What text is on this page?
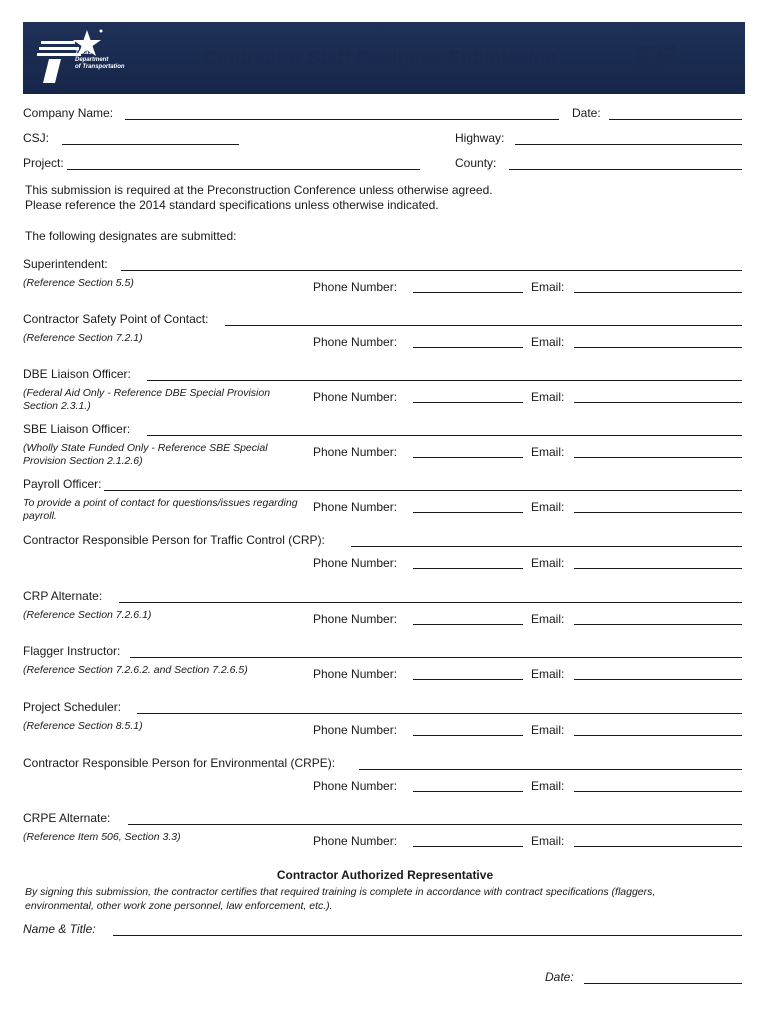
Texas
Department
of Transportation	Contractor Staff Designee Submission	Form 2795
(rev. 10/20)
Page of
Company Name:	Date:
CSJ:	Highway:
Project:	County:
This submission is required at the Preconstruction Conference unless otherwise agreed.
Please reference the 2014 standard specifications unless otherwise indicated.
The following designates are submitted:
Superintendent:
(Reference Section 5.5)	Phone Number:	Email:
Contractor Safety Point of Contact:
(Reference Section 7.2.1)	Phone Number:	Email:
DBE Liaison Officer:
(Federal Aid Only - Reference DBE Special Provision Section 2.3.1.)
Phone Number:	Email:
SBE Liaison Officer:
(Wholly State Funded Only - Reference SBE Special Provision Section 2.1.2.6)
Phone Number:	Email:
Payroll Officer:
To provide a point of contact for questions/issues regarding payroll.
Phone Number:	Email:
Contractor Responsible Person for Traffic Control (CRP):
Phone Number:	Email:
CRP Alternate:
(Reference Section 7.2.6.1)	Phone Number:	Email:
Flagger Instructor:
(Reference Section 7.2.6.2. and Section 7.2.6.5)	Phone Number:	Email:
Project Scheduler:
(Reference Section 8.5.1)	Phone Number:	Email:
Contractor Responsible Person for Environmental (CRPE):
Phone Number:	Email:
CRPE Alternate:
(Reference Item 506, Section 3.3)	Phone Number:	Email:
Contractor Authorized Representative
By signing this submission, the contractor certifies that required training is complete in accordance with contract specifications (flaggers, environmental, other work zone personnel, law enforcement, etc.).
Name & Title:
Date:
